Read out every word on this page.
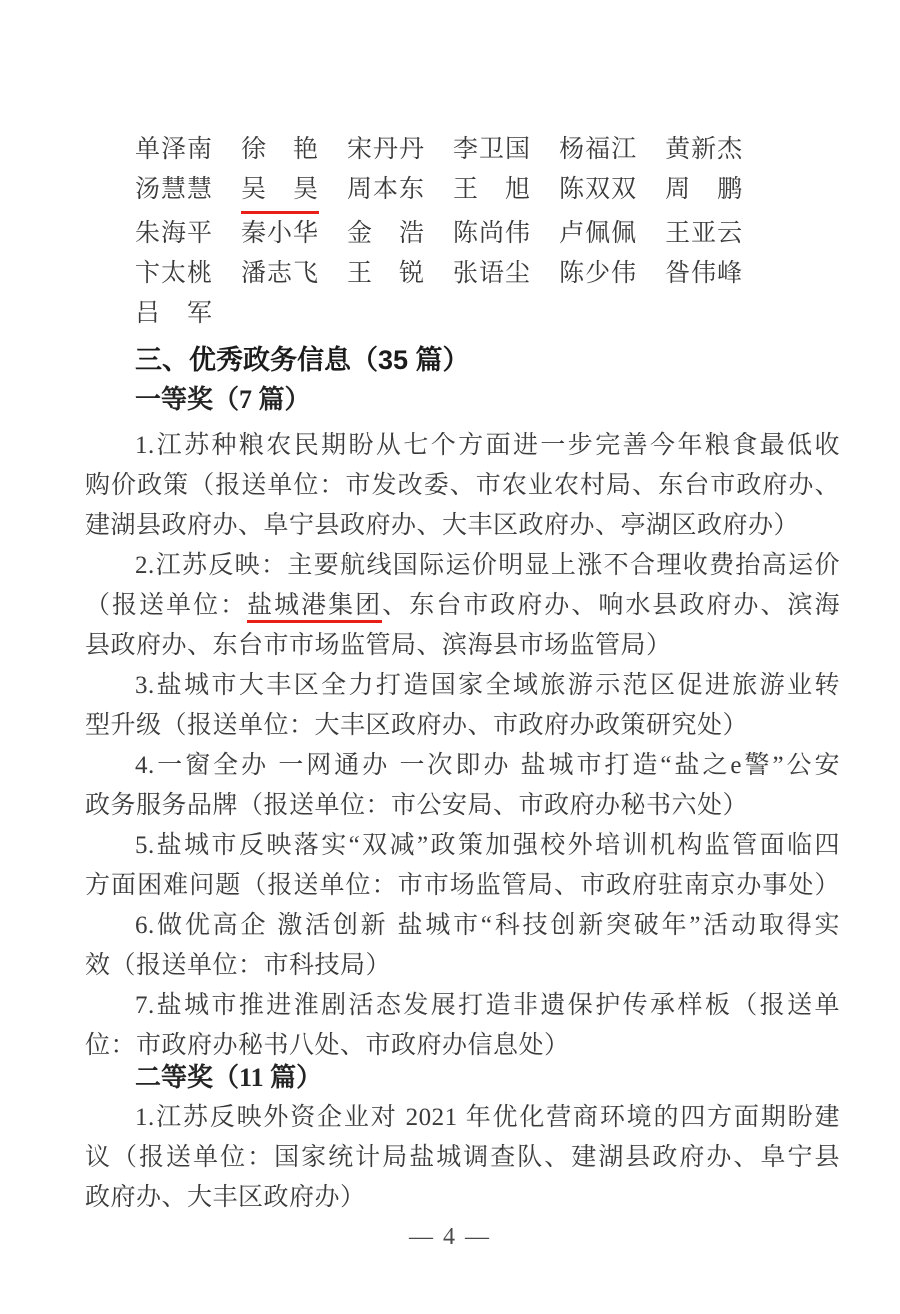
单泽南 徐　艳 宋丹丹 李卫国 杨福江 黄新杰
汤慧慧 吴　昊 周本东 王　旭 陈双双 周　鹏
朱海平 秦小华 金　浩 陈尚伟 卢佩佩 王亚云
卞太桃 潘志飞 王　锐 张语尘 陈少伟 昝伟峰
吕　军
三、优秀政务信息（35 篇）
一等奖（7 篇）
1.江苏种粮农民期盼从七个方面进一步完善今年粮食最低收
购价政策（报送单位：市发改委、市农业农村局、东台市政府办、
建湖县政府办、阜宁县政府办、大丰区政府办、亭湖区政府办）
2.江苏反映：主要航线国际运价明显上涨不合理收费抬高运价
（报送单位：盐城港集团、东台市政府办、响水县政府办、滨海
县政府办、东台市市场监管局、滨海县市场监管局）
3.盐城市大丰区全力打造国家全域旅游示范区促进旅游业转
型升级（报送单位：大丰区政府办、市政府办政策研究处）
4.一窗全办 一网通办 一次即办 盐城市打造“盐之e警”公安
政务服务品牌（报送单位：市公安局、市政府办秘书六处）
5.盐城市反映落实“双减”政策加强校外培训机构监管面临四
方面困难问题（报送单位：市市场监管局、市政府驻南京办事处）
6.做优高企 激活创新 盐城市“科技创新突破年”活动取得实
效（报送单位：市科技局）
7.盐城市推进淮剧活态发展打造非遗保护传承样板（报送单
位：市政府办秘书八处、市政府办信息处）
二等奖（11 篇）
1.江苏反映外资企业对 2021 年优化营商环境的四方面期盼建
议（报送单位：国家统计局盐城调查队、建湖县政府办、阜宁县
政府办、大丰区政府办）
— 4 —
